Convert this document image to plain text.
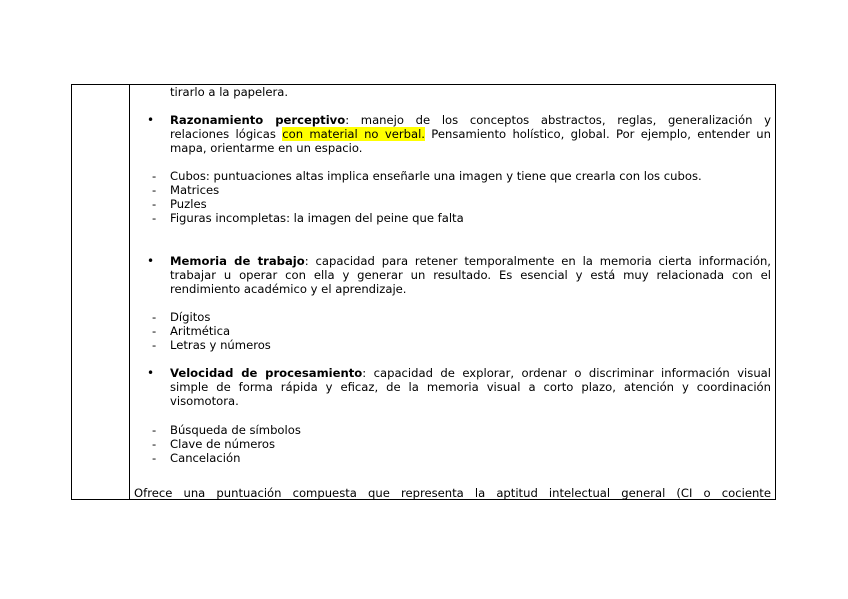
tirarlo a la papelera.
• Razonamiento perceptivo: manejo de los conceptos abstractos, reglas, generalización y
relaciones lógicas con material no verbal. Pensamiento holístico, global. Por ejemplo, entender un
mapa, orientarme en un espacio.
- Cubos: puntuaciones altas implica enseñarle una imagen y tiene que crearla con los cubos.
- Matrices
- Puzles
- Figuras incompletas: la imagen del peine que falta
• Memoria de trabajo: capacidad para retener temporalmente en la memoria cierta información,
trabajar u operar con ella y generar un resultado. Es esencial y está muy relacionada con el
rendimiento académico y el aprendizaje.
- Dígitos
- Aritmética
- Letras y números
• Velocidad de procesamiento: capacidad de explorar, ordenar o discriminar información visual
simple de forma rápida y eficaz, de la memoria visual a corto plazo, atención y coordinación
visomotora.
- Búsqueda de símbolos
- Clave de números
- Cancelación
Ofrece una puntuación compuesta que representa la aptitud intelectual general (CI o cociente
